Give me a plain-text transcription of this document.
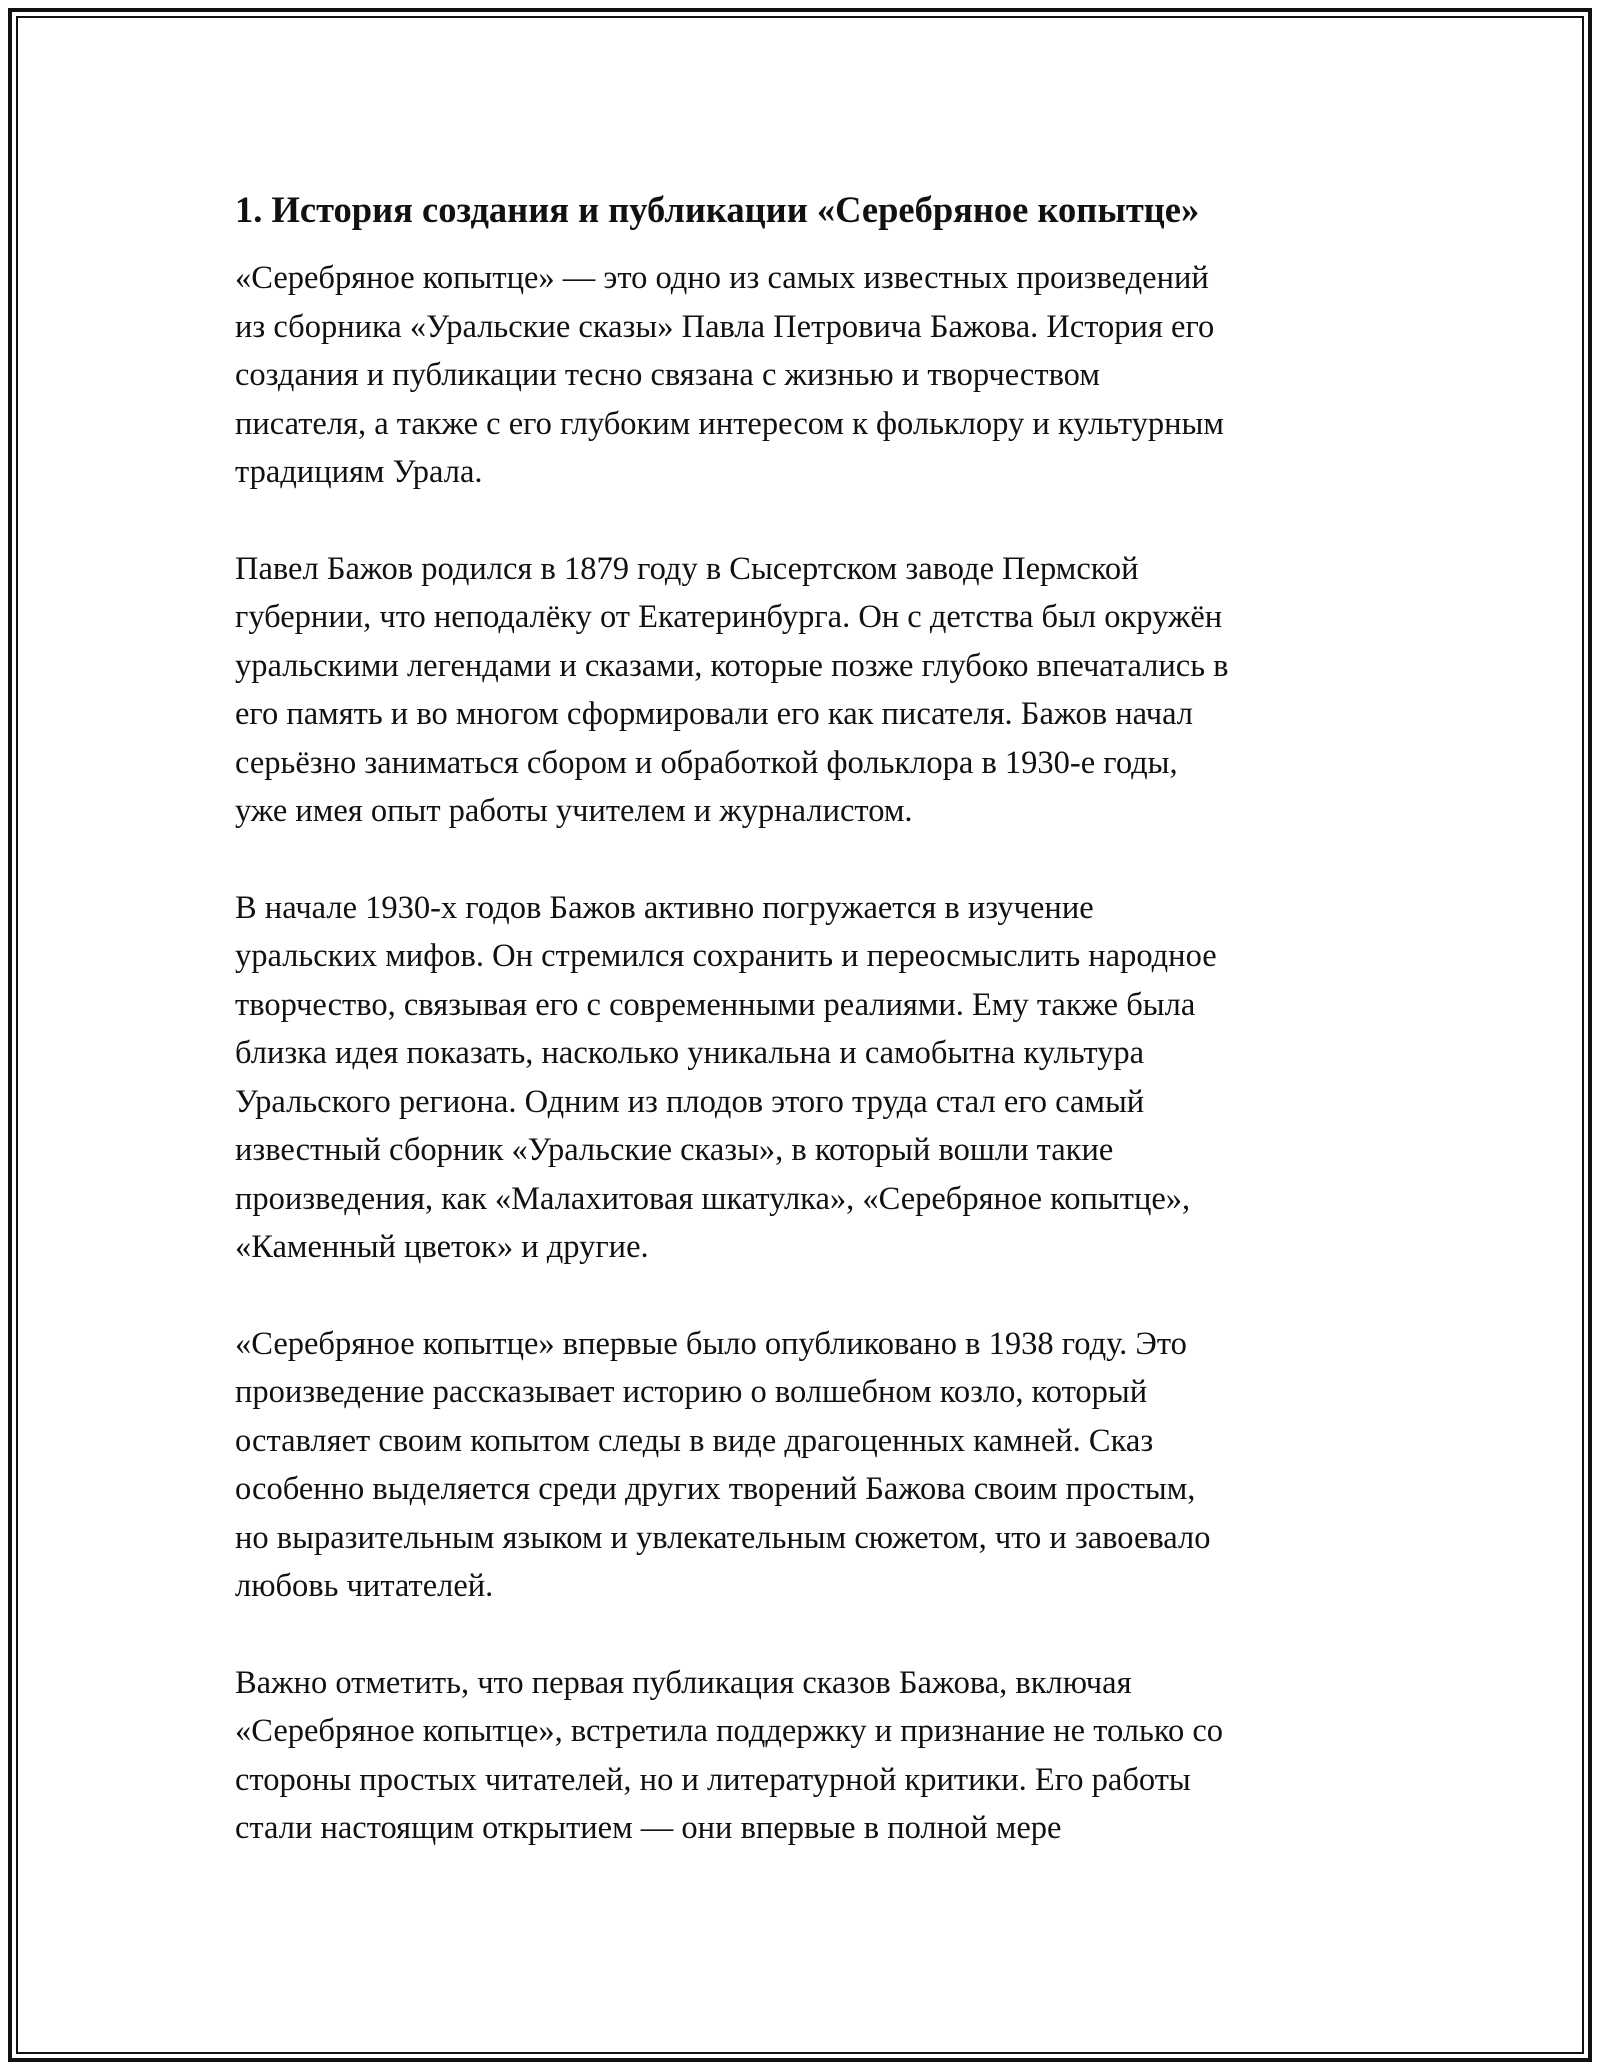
1. История создания и публикации «Серебряное копытце»

«Серебряное копытце» — это одно из самых известных произведений
из сборника «Уральские сказы» Павла Петровича Бажова. История его
создания и публикации тесно связана с жизнью и творчеством
писателя, а также с его глубоким интересом к фольклору и культурным
традициям Урала.

Павел Бажов родился в 1879 году в Сысертском заводе Пермской
губернии, что неподалёку от Екатеринбурга. Он с детства был окружён
уральскими легендами и сказами, которые позже глубоко впечатались в
его память и во многом сформировали его как писателя. Бажов начал
серьёзно заниматься сбором и обработкой фольклора в 1930-е годы,
уже имея опыт работы учителем и журналистом.

В начале 1930-х годов Бажов активно погружается в изучение
уральских мифов. Он стремился сохранить и переосмыслить народное
творчество, связывая его с современными реалиями. Ему также была
близка идея показать, насколько уникальна и самобытна культура
Уральского региона. Одним из плодов этого труда стал его самый
известный сборник «Уральские сказы», в который вошли такие
произведения, как «Малахитовая шкатулка», «Серебряное копытце»,
«Каменный цветок» и другие.

«Серебряное копытце» впервые было опубликовано в 1938 году. Это
произведение рассказывает историю о волшебном козло, который
оставляет своим копытом следы в виде драгоценных камней. Сказ
особенно выделяется среди других творений Бажова своим простым,
но выразительным языком и увлекательным сюжетом, что и завоевало
любовь читателей.

Важно отметить, что первая публикация сказов Бажова, включая
«Серебряное копытце», встретила поддержку и признание не только со
стороны простых читателей, но и литературной критики. Его работы
стали настоящим открытием — они впервые в полной мере
